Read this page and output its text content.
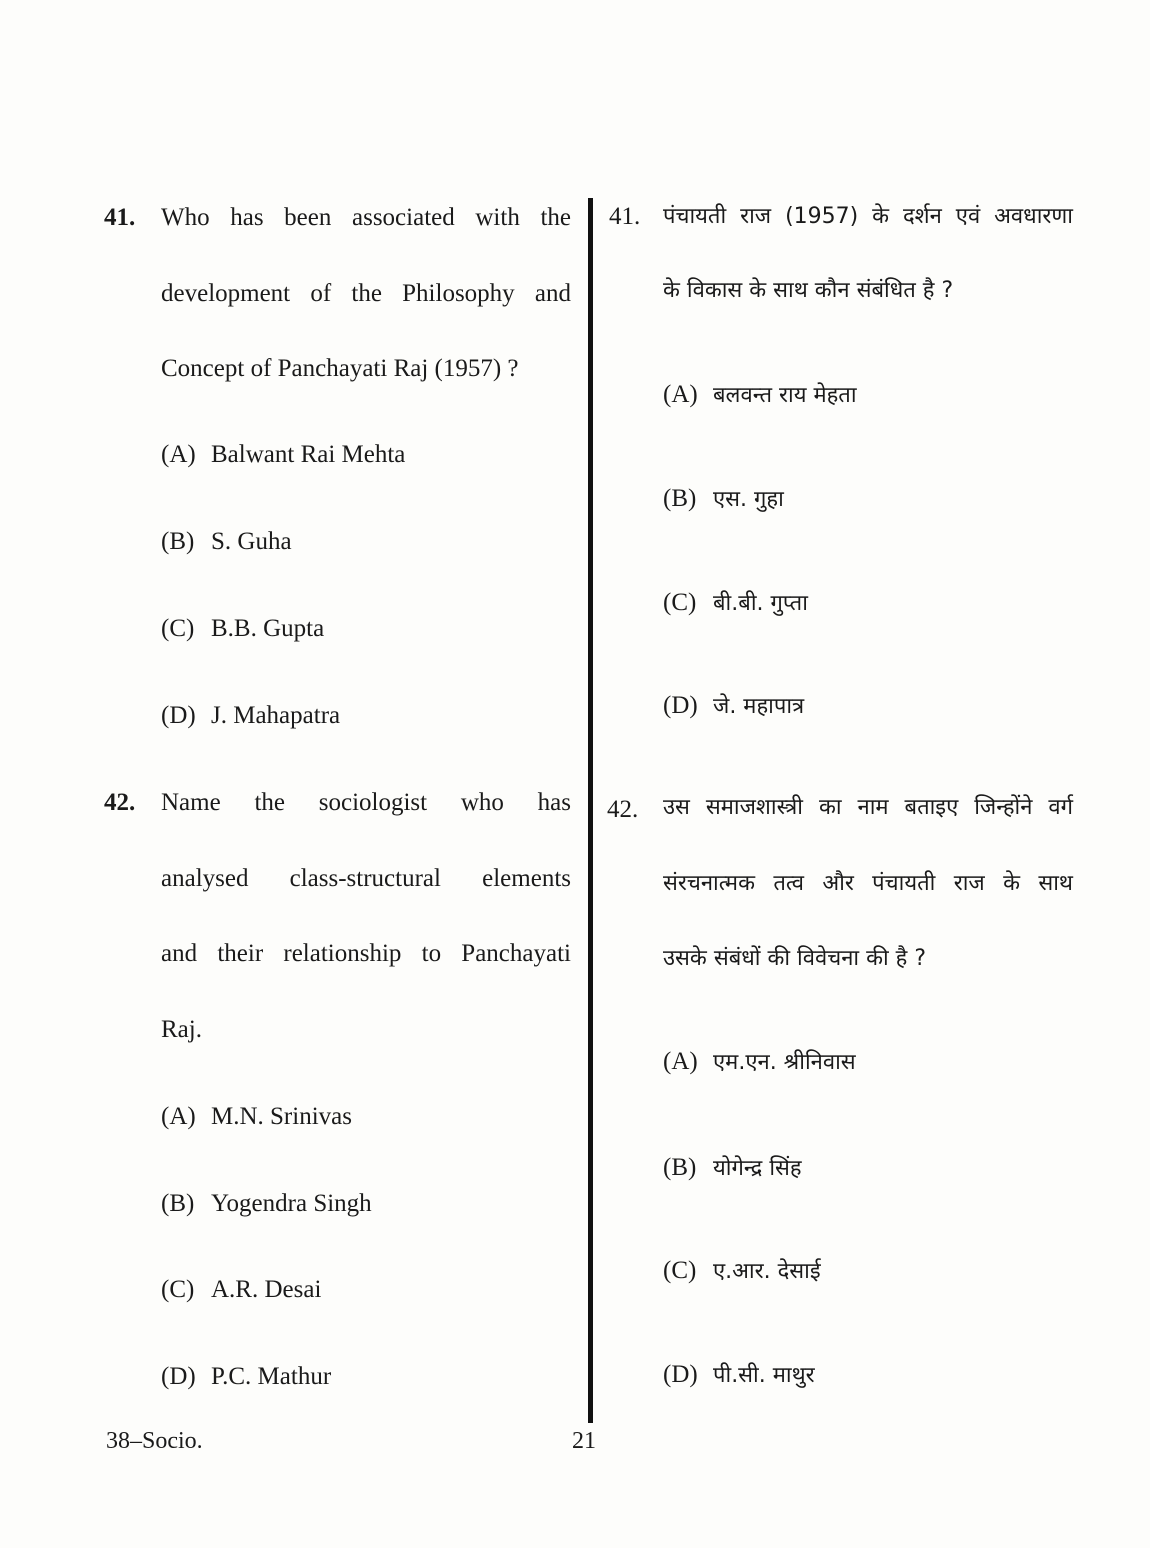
41. Who has been associated with the
development of the Philosophy and
Concept of Panchayati Raj (1957) ?
(A) Balwant Rai Mehta
(B) S. Guha
(C) B.B. Gupta
(D) J. Mahapatra
42. Name the sociologist who has
analysed class-structural elements
and their relationship to Panchayati
Raj.
(A) M.N. Srinivas
(B) Yogendra Singh
(C) A.R. Desai
(D) P.C. Mathur
41. पंचायती राज (1957) के दर्शन एवं अवधारणा
के विकास के साथ कौन संबंधित है ?
(A) बलवन्त राय मेहता
(B) एस. गुहा
(C) बी.बी. गुप्ता
(D) जे. महापात्र
42. उस समाजशास्त्री का नाम बताइए जिन्होंने वर्ग
संरचनात्मक तत्व और पंचायती राज के साथ
उसके संबंधों की विवेचना की है ?
(A) एम.एन. श्रीनिवास
(B) योगेन्द्र सिंह
(C) ए.आर. देसाई
(D) पी.सी. माथुर
38–Socio.	21
